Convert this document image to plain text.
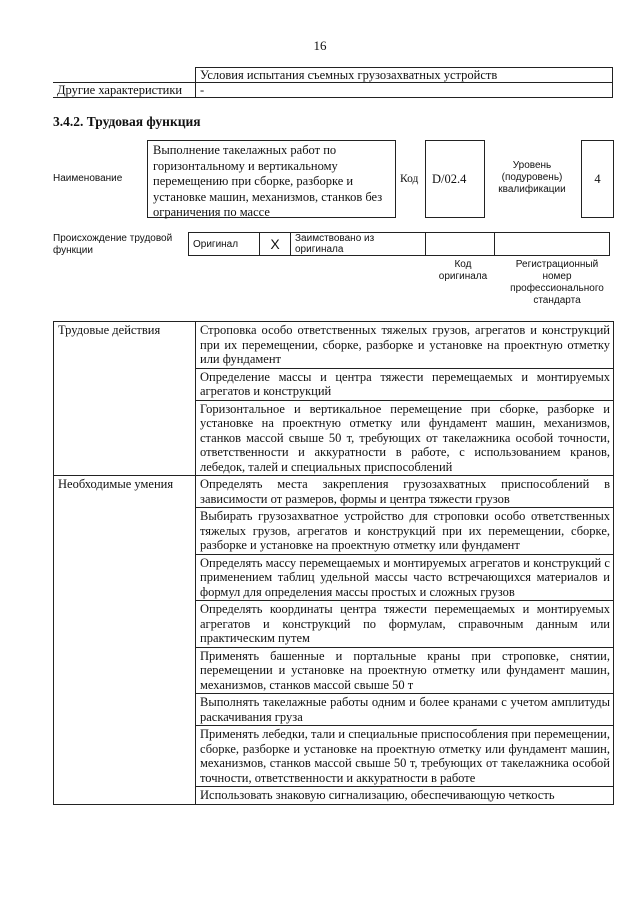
16
	Условия испытания съемных грузозахватных устройств
Другие характеристики	-
3.4.2. Трудовая функция
Наименование
Выполнение такелажных работ по горизонтальному и вертикальному перемещению при сборке, разборке и установке машин, механизмов, станков без ограничения по массе
Код	D/02.4
Уровень (подуровень) квалификации
4
Происхождение трудовой функции
Оригинал	X	Заимствовано из оригинала		
Код оригинала
Регистрационный номер профессионального стандарта
Трудовые действия	Строповка особо ответственных тяжелых грузов, агрегатов и конструкций при их перемещении, сборке, разборке и установке на проектную отметку или фундамент
	Определение массы и центра тяжести перемещаемых и монтируемых агрегатов и конструкций
	Горизонтальное и вертикальное перемещение при сборке, разборке и установке на проектную отметку или фундамент машин, механизмов, станков массой свыше 50 т, требующих от такелажника особой точности, ответственности и аккуратности в работе, с использованием кранов, лебедок, талей и специальных приспособлений
Необходимые умения	Определять места закрепления грузозахватных приспособлений в зависимости от размеров, формы и центра тяжести грузов
	Выбирать грузозахватное устройство для строповки особо ответственных тяжелых грузов, агрегатов и конструкций при их перемещении, сборке, разборке и установке на проектную отметку или фундамент
	Определять массу перемещаемых и монтируемых агрегатов и конструкций с применением таблиц удельной массы часто встречающихся материалов и формул для определения массы простых и сложных грузов
	Определять координаты центра тяжести перемещаемых и монтируемых агрегатов и конструкций по формулам, справочным данным или практическим путем
	Применять башенные и портальные краны при строповке, снятии, перемещении и установке на проектную отметку или фундамент машин, механизмов, станков массой свыше 50 т
	Выполнять такелажные работы одним и более кранами с учетом амплитуды раскачивания груза
	Применять лебедки, тали и специальные приспособления при перемещении, сборке, разборке и установке на проектную отметку или фундамент машин, механизмов, станков массой свыше 50 т, требующих от такелажника особой точности, ответственности и аккуратности в работе
	Использовать знаковую сигнализацию, обеспечивающую четкость
